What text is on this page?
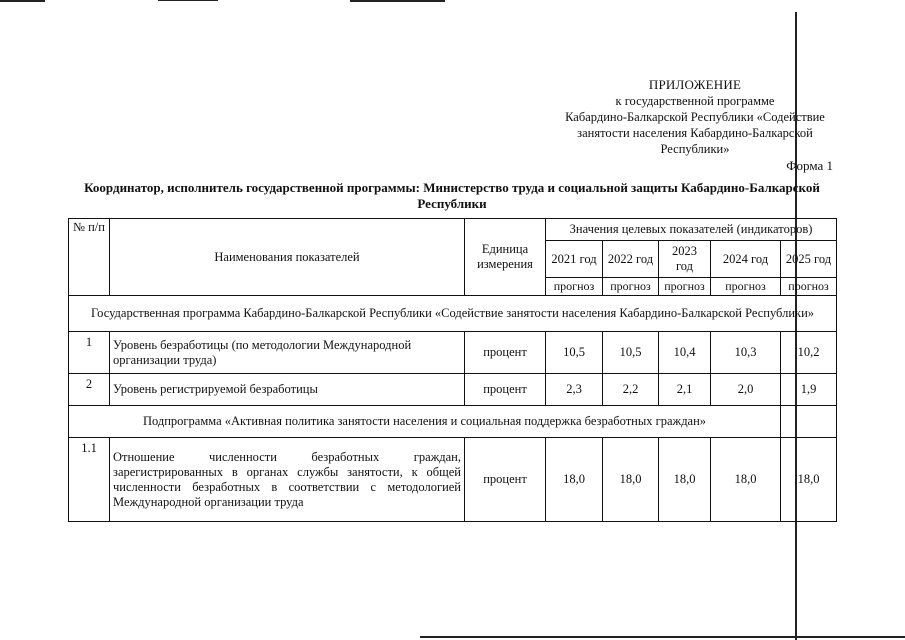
ПРИЛОЖЕНИЕ
к государственной программе
Кабардино-Балкарской Республики «Содействие
занятости населения Кабардино-Балкарской
Республики»
Форма 1
Координатор, исполнитель государственной программы: Министерство труда и социальной защиты Кабардино-Балкарской
Республики
№ п/п	Наименования показателей	Единица измерения	Значения целевых показателей (индикаторов)				
			2021 год	2022 год	2023 год	2024 год	2025 год
			прогноз	прогноз	прогноз	прогноз	прогноз
Государственная программа Кабардино-Балкарской Республики «Содействие занятости населения Кабардино-Балкарской Республики»							
1	Уровень безработицы (по методологии Международной организации труда)	процент	10,5	10,5	10,4	10,3	10,2
2	Уровень регистрируемой безработицы	процент	2,3	2,2	2,1	2,0	1,9
Подпрограмма «Активная политика занятости населения и социальная поддержка безработных граждан»							
1.1	Отношение численности безработных граждан, зарегистрированных в органах службы занятости, к общей численности безработных в соответствии с методологией Международной организации труда	процент	18,0	18,0	18,0	18,0	18,0
